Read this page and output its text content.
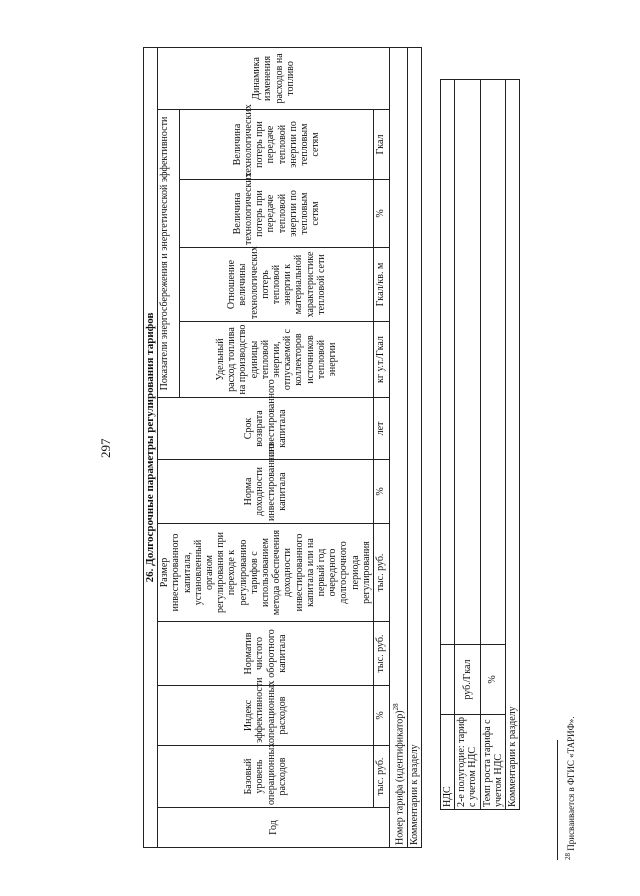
297
НДС		
2-е полугодие: тариф с учетом НДС	руб./Гкал	
Темп роста тарифа с учетом НДС	%	
Комментарии к разделу		
26. Долгосрочные параметры регулирования тарифов											
Год	Базовый уровень операционных расходов	Индекс эффективности операционных расходов	Норматив чистого оборотного капитала	Размер инвестированного капитала, установленный органом регулирования при переходе к регулированию тарифов с использованием метода обеспечения доходности инвестированного капитала или на первый год очередного долгосрочного периода регулирования	Норма доходности инвестированного капитала	Срок возврата инвестированного капитала	Показатели энергосбережения и энергетической эффективности				Динамика изменения расходов на топливо
							Удельный расход топлива на производство единицы тепловой энергии, отпускаемой с коллекторов источников тепловой энергии	Отношение величины технологических потерь тепловой энергии к материальной характеристике тепловой сети	Величина технологических потерь при передаче тепловой энергии по тепловым сетям	Величина технологических потерь при передаче тепловой энергии по тепловым сетям	
	тыс. руб.	%	тыс. руб.	тыс. руб.	%	лет	кг у.т./Гкал	Гкал/кв. м	%	Гкал	
Номер тарифа (идентификатор)$^{28}$
Комментарии к разделу											
$^{28}$ Присваивается в ФГИС «ТАРИФ».
